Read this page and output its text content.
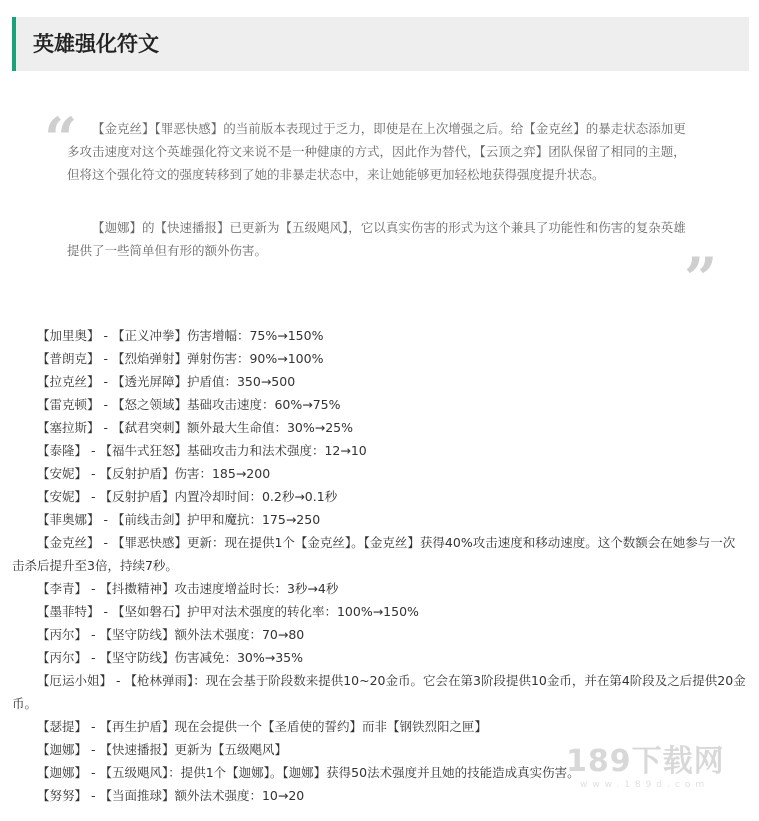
英雄强化符文
“	【金克丝】【罪恶快感】的当前版本表现过于乏力，即使是在上次增强之后。给【金克丝】的暴走状态添加更多攻击速度对这个英雄强化符文来说不是一种健康的方式，因此作为替代，【云顶之弈】团队保留了相同的主题，但将这个强化符文的强度转移到了她的非暴走状态中，来让她能够更加轻松地获得强度提升状态。

【迦娜】的【快速播报】已更新为【五级飓风】，它以真实伤害的形式为这个兼具了功能性和伤害的复杂英雄提供了一些简单但有形的额外伤害。	”

【加里奥】 - 【正义冲拳】伤害增幅：75%→150%

【普朗克】 - 【烈焰弹射】弹射伤害：90%→100%

【拉克丝】 - 【透光屏障】护盾值：350→500

【雷克顿】 - 【怒之领域】基础攻击速度：60%→75%

【塞拉斯】 - 【弑君突刺】额外最大生命值：30%→25%

【泰隆】 - 【福牛式狂怒】基础攻击力和法术强度：12→10

【安妮】 - 【反射护盾】伤害：185→200

【安妮】 - 【反射护盾】内置冷却时间：0.2秒→0.1秒

【菲奥娜】 - 【前线击剑】护甲和魔抗：175→250

【金克丝】 - 【罪恶快感】更新：现在提供1个【金克丝】。【金克丝】获得40%攻击速度和移动速度。这个数额会在她参与一次击杀后提升至3倍，持续7秒。

【李青】 - 【抖擞精神】攻击速度增益时长：3秒→4秒

【墨菲特】 - 【坚如磐石】护甲对法术强度的转化率：100%→150%

【丙尔】 - 【坚守防线】额外法术强度：70→80

【丙尔】 - 【坚守防线】伤害减免：30%→35%

【厄运小姐】 - 【枪林弹雨】：现在会基于阶段数来提供10~20金币。它会在第3阶段提供10金币，并在第4阶段及之后提供20金币。

【瑟提】 - 【再生护盾】现在会提供一个【圣盾使的誓约】而非【钢铁烈阳之匣】

【迦娜】 - 【快速播报】更新为【五级飓风】

【迦娜】 - 【五级飓风】：提供1个【迦娜】。【迦娜】获得50法术强度并且她的技能造成真实伤害。

【努努】 - 【当面推球】额外法术强度：10→20

189下载网
www.189d.com
